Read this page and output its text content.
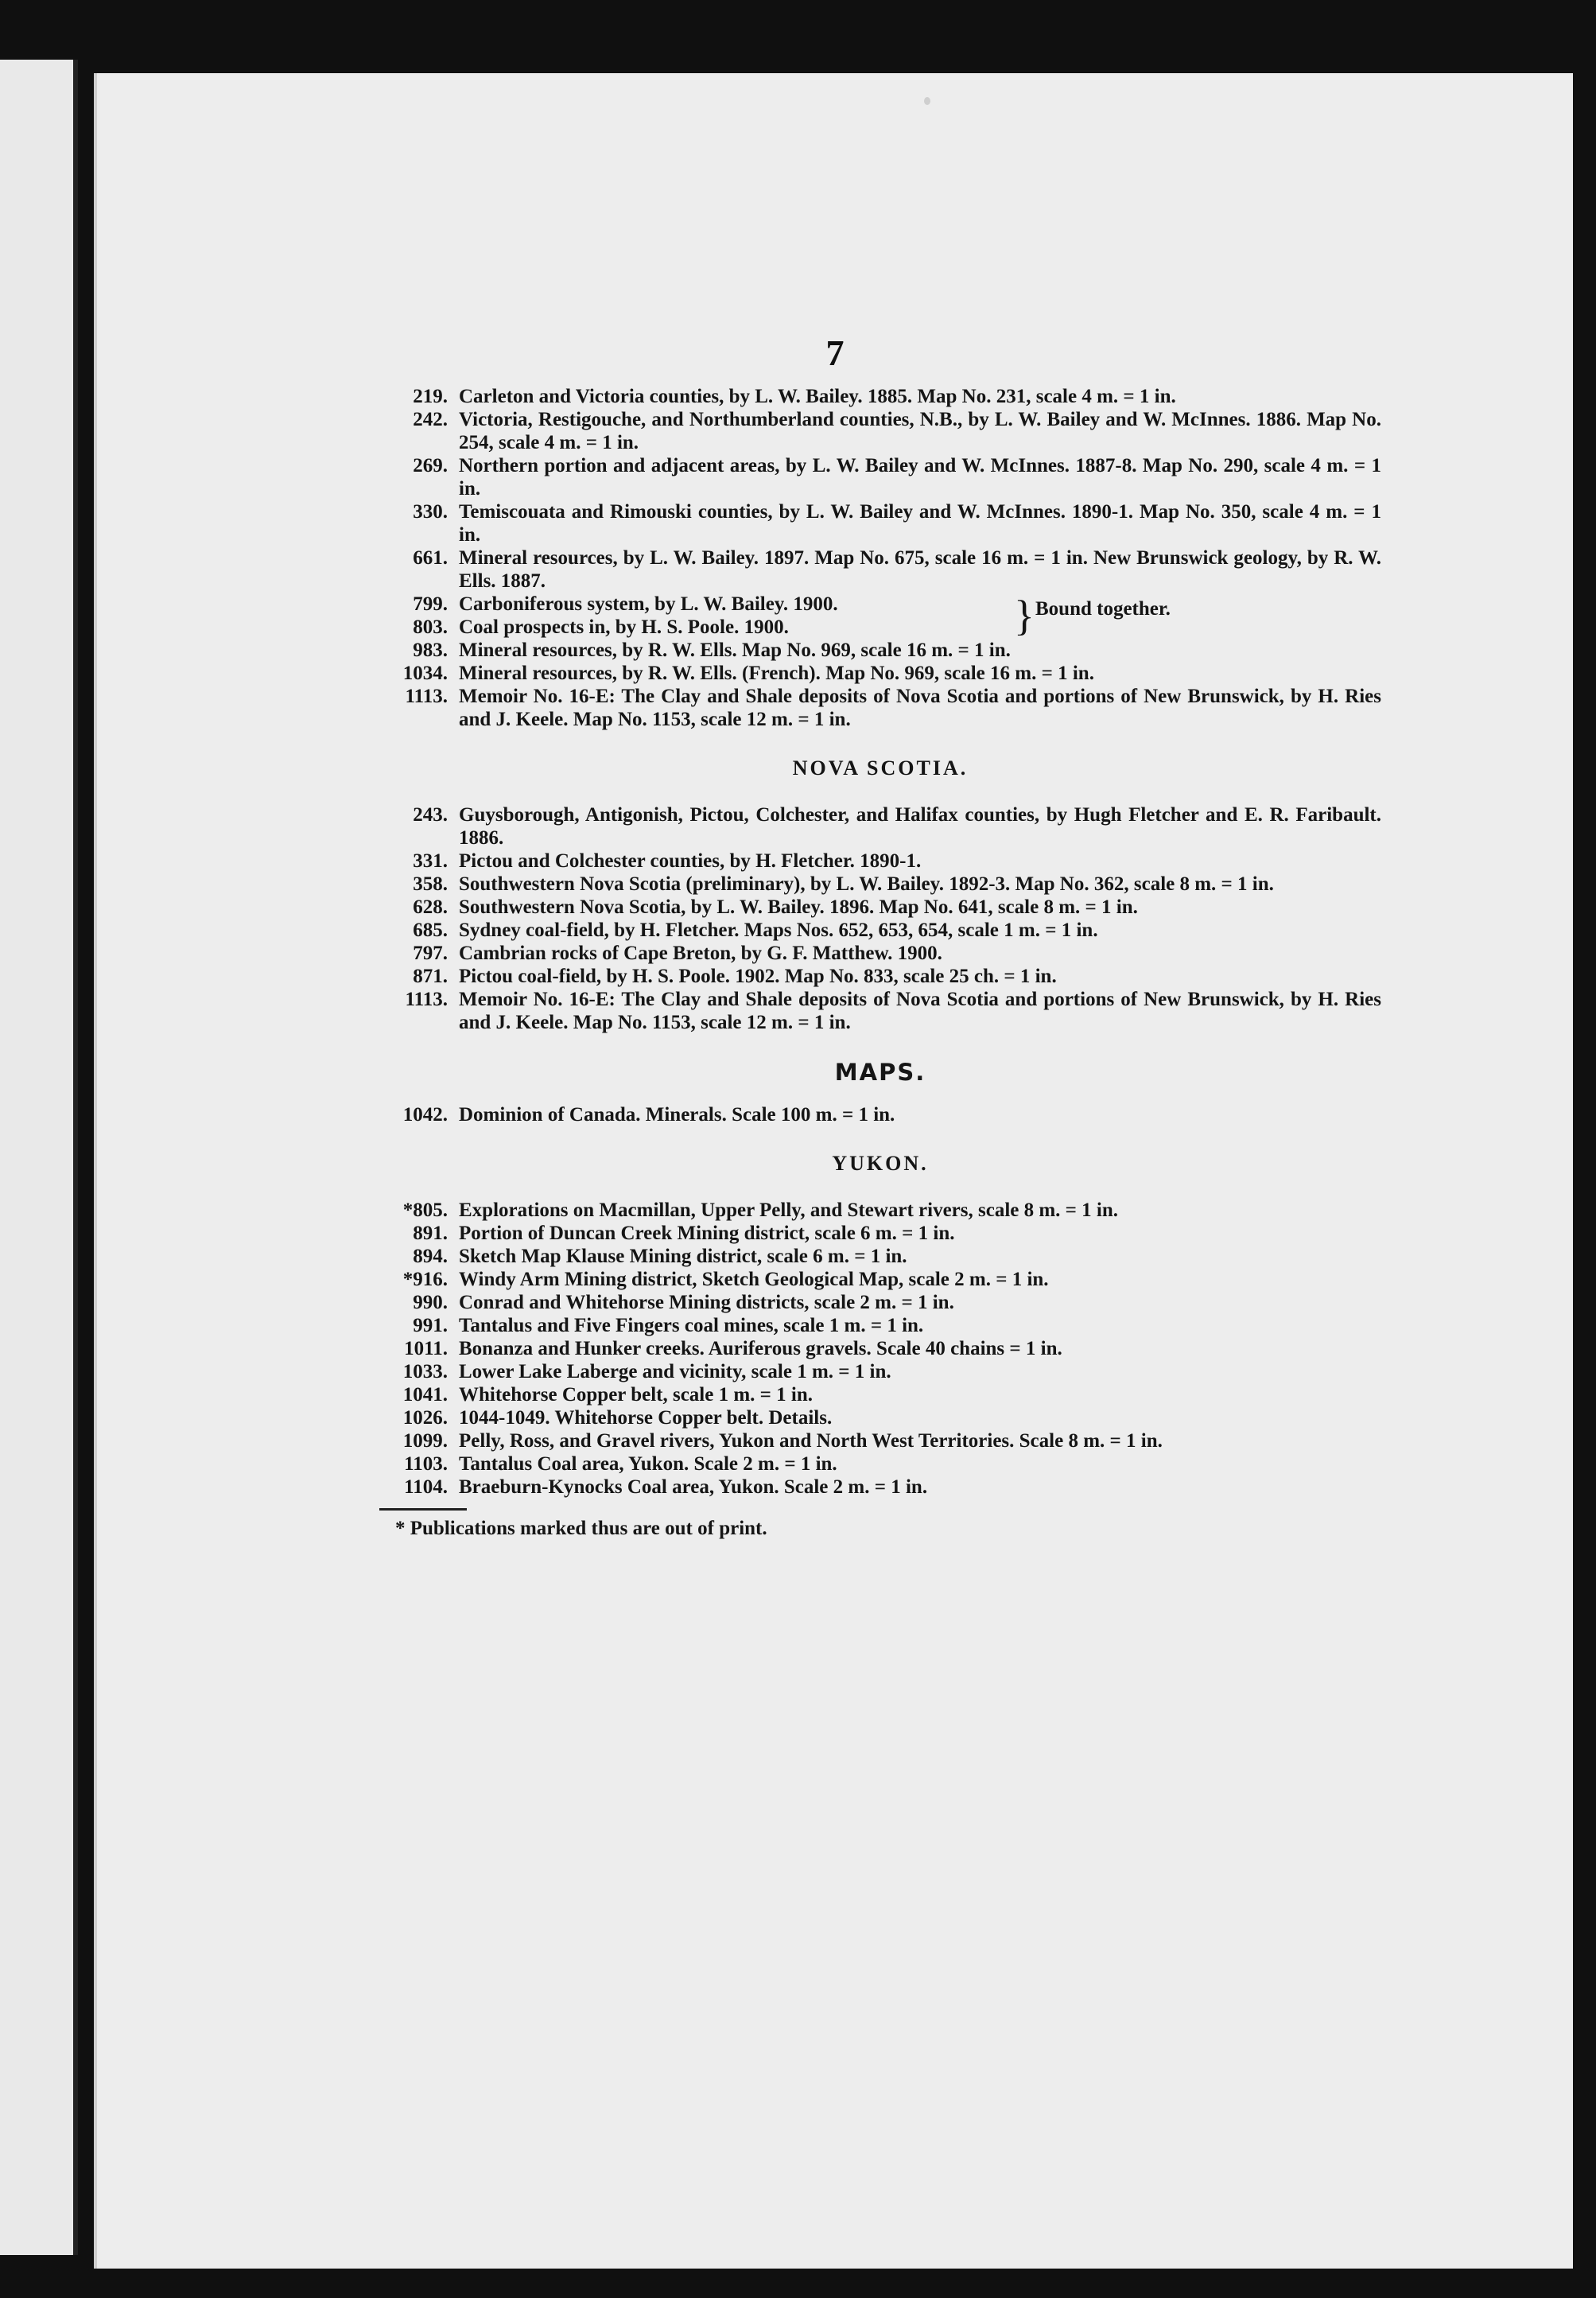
7
219. Carleton and Victoria counties, by L. W. Bailey. 1885. Map No. 231, scale 4 m. = 1 in.
242. Victoria, Restigouche, and Northumberland counties, N.B., by L. W. Bailey and W. McInnes. 1886. Map No. 254, scale 4 m. = 1 in.
269. Northern portion and adjacent areas, by L. W. Bailey and W. McInnes. 1887-8. Map No. 290, scale 4 m. = 1 in.
330. Temiscouata and Rimouski counties, by L. W. Bailey and W. McInnes. 1890-1. Map No. 350, scale 4 m. = 1 in.
661. Mineral resources, by L. W. Bailey. 1897. Map No. 675, scale 16 m. = 1 in. New Brunswick geology, by R. W. Ells. 1887.
799. Carboniferous system, by L. W. Bailey. 1900.
803. Coal prospects in, by H. S. Poole. 1900.	} Bound together.
983. Mineral resources, by R. W. Ells. Map No. 969, scale 16 m. = 1 in.
1034. Mineral resources, by R. W. Ells. (French). Map No. 969, scale 16 m. = 1 in.
1113. Memoir No. 16-E: The Clay and Shale deposits of Nova Scotia and portions of New Brunswick, by H. Ries and J. Keele. Map No. 1153, scale 12 m. = 1 in.
NOVA SCOTIA.
243. Guysborough, Antigonish, Pictou, Colchester, and Halifax counties, by Hugh Fletcher and E. R. Faribault. 1886.
331. Pictou and Colchester counties, by H. Fletcher. 1890-1.
358. Southwestern Nova Scotia (preliminary), by L. W. Bailey. 1892-3. Map No. 362, scale 8 m. = 1 in.
628. Southwestern Nova Scotia, by L. W. Bailey. 1896. Map No. 641, scale 8 m. = 1 in.
685. Sydney coal-field, by H. Fletcher. Maps Nos. 652, 653, 654, scale 1 m. = 1 in.
797. Cambrian rocks of Cape Breton, by G. F. Matthew. 1900.
871. Pictou coal-field, by H. S. Poole. 1902. Map No. 833, scale 25 ch. = 1 in.
1113. Memoir No. 16-E: The Clay and Shale deposits of Nova Scotia and portions of New Brunswick, by H. Ries and J. Keele. Map No. 1153, scale 12 m. = 1 in.
MAPS.
1042. Dominion of Canada. Minerals. Scale 100 m. = 1 in.
YUKON.
*805. Explorations on Macmillan, Upper Pelly, and Stewart rivers, scale 8 m. = 1 in.
891. Portion of Duncan Creek Mining district, scale 6 m. = 1 in.
894. Sketch Map Klause Mining district, scale 6 m. = 1 in.
*916. Windy Arm Mining district, Sketch Geological Map, scale 2 m. = 1 in.
990. Conrad and Whitehorse Mining districts, scale 2 m. = 1 in.
991. Tantalus and Five Fingers coal mines, scale 1 m. = 1 in.
1011. Bonanza and Hunker creeks. Auriferous gravels. Scale 40 chains = 1 in.
1033. Lower Lake Laberge and vicinity, scale 1 m. = 1 in.
1041. Whitehorse Copper belt, scale 1 m. = 1 in.
1026. 1044-1049. Whitehorse Copper belt. Details.
1099. Pelly, Ross, and Gravel rivers, Yukon and North West Territories. Scale 8 m. = 1 in.
1103. Tantalus Coal area, Yukon. Scale 2 m. = 1 in.
1104. Braeburn-Kynocks Coal area, Yukon. Scale 2 m. = 1 in.
* Publications marked thus are out of print.
